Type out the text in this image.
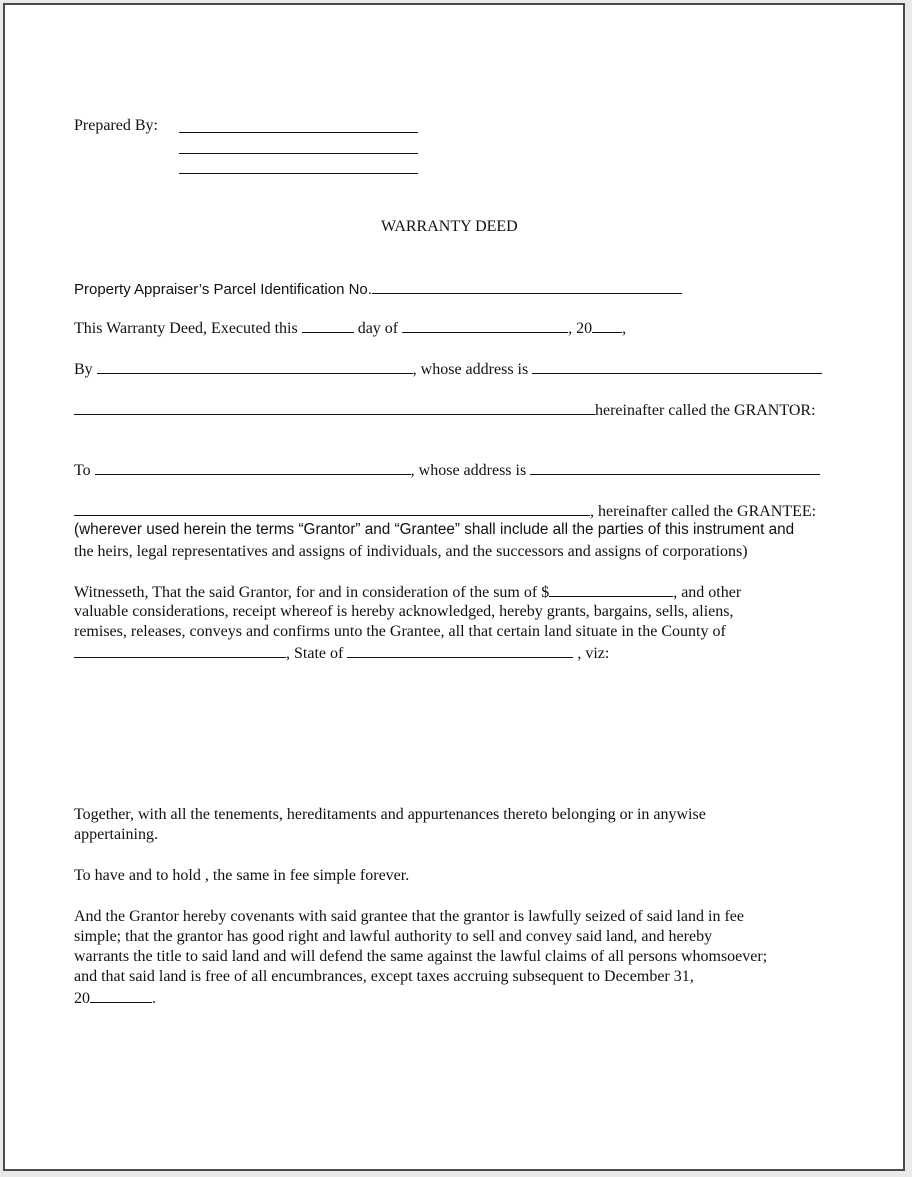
Prepared By:
WARRANTY DEED
Property Appraiser’s Parcel Identification No.
This Warranty Deed, Executed this	day of	, 20 ,
By	, whose address is
hereinafter called the GRANTOR:
To	, whose address is
, hereinafter called the GRANTEE:
(wherever used herein the terms “Grantor” and “Grantee” shall include all the parties of this instrument and
the heirs, legal representatives and assigns of individuals, and the successors and assigns of corporations)
Witnesseth, That the said Grantor, for and in consideration of the sum of $	, and other
valuable considerations, receipt whereof is hereby acknowledged, hereby grants, bargains, sells, aliens,
remises, releases, conveys and confirms unto the Grantee, all that certain land situate in the County of
, State of	, viz:
Together, with all the tenements, hereditaments and appurtenances thereto belonging or in anywise
appertaining.
To have and to hold , the same in fee simple forever.
And the Grantor hereby covenants with said grantee that the grantor is lawfully seized of said land in fee
simple; that the grantor has good right and lawful authority to sell and convey said land, and hereby
warrants the title to said land and will defend the same against the lawful claims of all persons whomsoever;
and that said land is free of all encumbrances, except taxes accruing subsequent to December 31,
20	.
